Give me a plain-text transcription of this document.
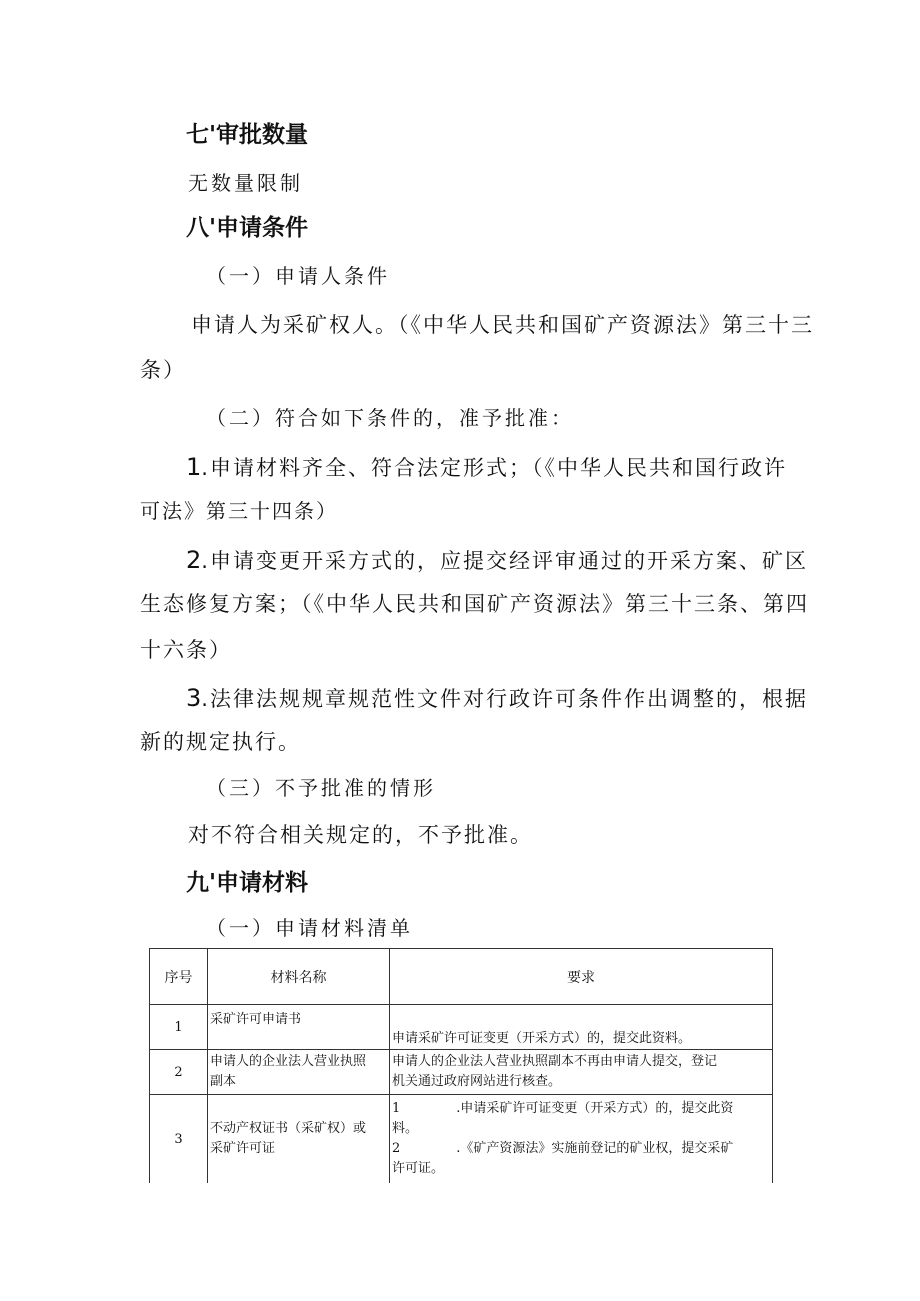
七'审批数量
无数量限制
八'申请条件
（一）申请人条件
申请人为采矿权人。（《中华人民共和国矿产资源法》第三十三
条）
（二）符合如下条件的，准予批准：
1.申请材料齐全、符合法定形式；（《中华人民共和国行政许
可法》第三十四条）
2.申请变更开采方式的，应提交经评审通过的开采方案、矿区
生态修复方案；（《中华人民共和国矿产资源法》第三十三条、第四
十六条）
3.法律法规规章规范性文件对行政许可条件作出调整的，根据
新的规定执行。
（三）不予批准的情形
对不符合相关规定的，不予批准。
九'申请材料
（一）申请材料清单
序号	材料名称	要求
1	采矿许可申请书	申请采矿许可证变更（开采方式）的，提交此资料。
2	申请人的企业法人营业执照
副本	申请人的企业法人营业执照副本不再由申请人提交，登记
机关通过政府网站进行核查。

3	不动产权证书（采矿权）或
采矿许可证	1 .申请采矿许可证变更（开采方式）的，提交此资
料。
2 .《矿产资源法》实施前登记的矿业权，提交采矿
许可证。
